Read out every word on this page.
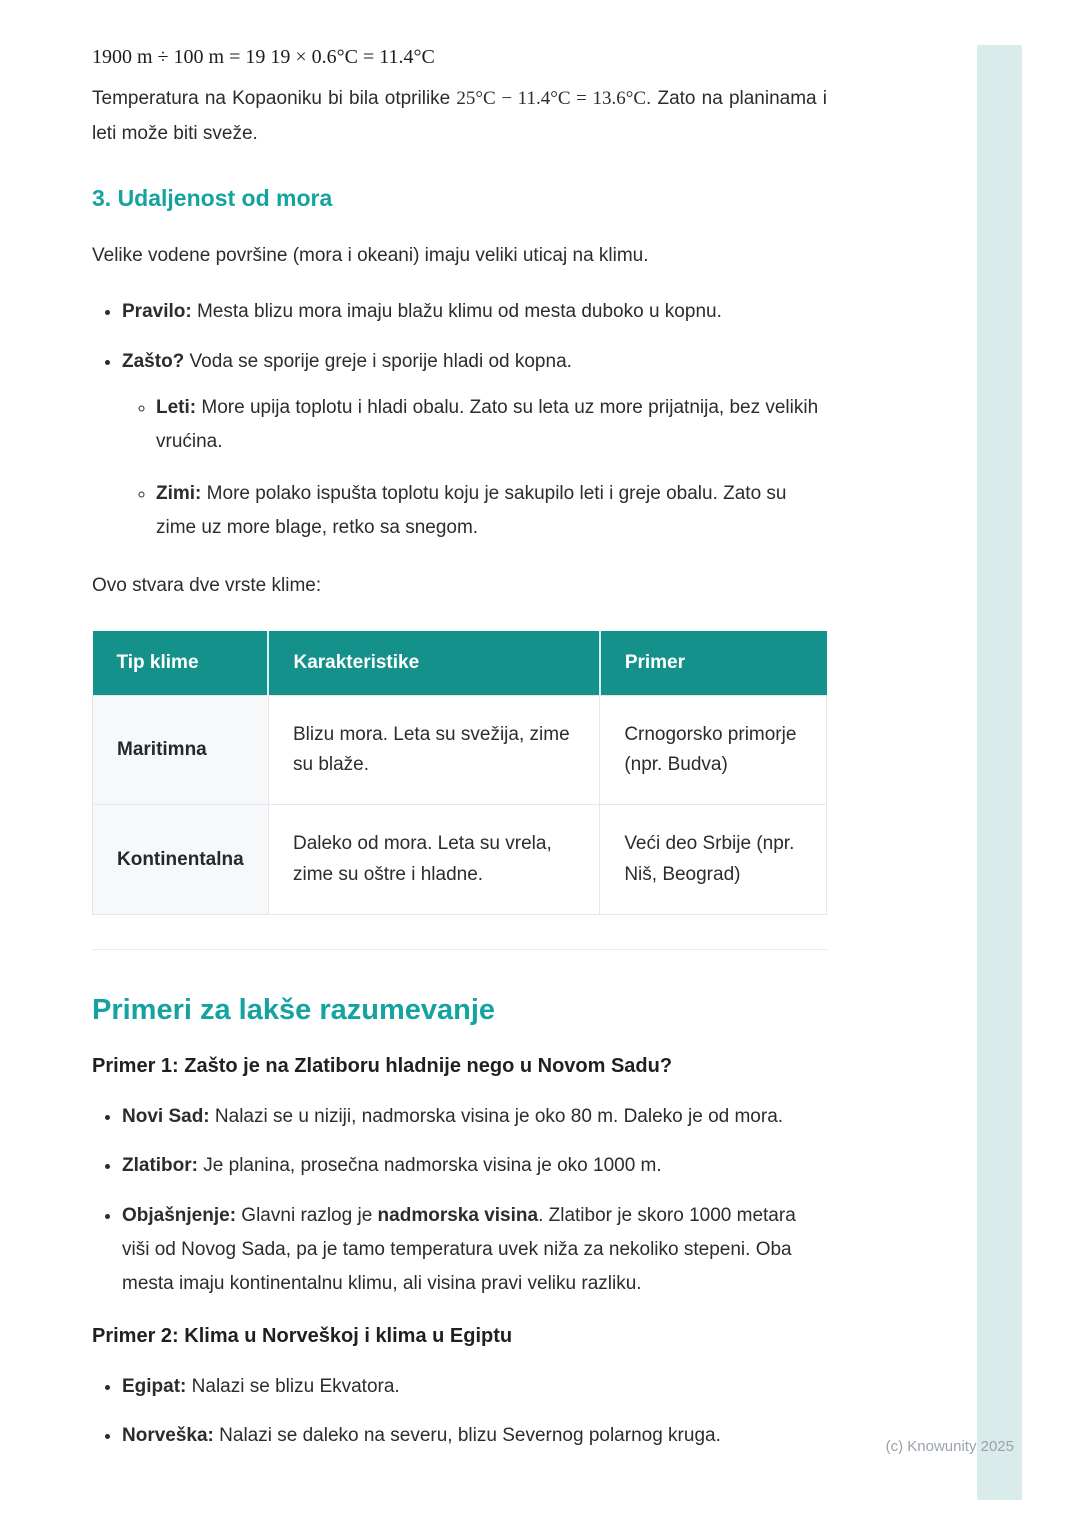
1900 m ÷ 100 m = 19 19 × 0.6°C = 11.4°C

Temperatura na Kopaoniku bi bila otprilike 25°C − 11.4°C = 13.6°C. Zato na planinama i leti može biti sveže.

3. Udaljenost od mora

Velike vodene površine (mora i okeani) imaju veliki uticaj na klimu.

• Pravilo: Mesta blizu mora imaju blažu klimu od mesta duboko u kopnu.
• Zašto? Voda se sporije greje i sporije hladi od kopna.
◦ Leti: More upija toplotu i hladi obalu. Zato su leta uz more prijatnija, bez velikih vrućina.
◦ Zimi: More polako ispušta toplotu koju je sakupilo leti i greje obalu. Zato su zime uz more blage, retko sa snegom.

Ovo stvara dve vrste klime:

Tip klime	Karakteristike	Primer
Maritimna	Blizu mora. Leta su svežija, zime su blaže.	Crnogorsko primorje (npr. Budva)
Kontinentalna	Daleko od mora. Leta su vrela, zime su oštre i hladne.	Veći deo Srbije (npr. Niš, Beograd)
Primeri za lakše razumevanje
Primer 1: Zašto je na Zlatiboru hladnije nego u Novom Sadu?
• Novi Sad: Nalazi se u niziji, nadmorska visina je oko 80 m. Daleko je od mora.
• Zlatibor: Je planina, prosečna nadmorska visina je oko 1000 m.
• Objašnjenje: Glavni razlog je nadmorska visina. Zlatibor je skoro 1000 metara viši od Novog Sada, pa je tamo temperatura uvek niža za nekoliko stepeni. Oba mesta imaju kontinentalnu klimu, ali visina pravi veliku razliku.
Primer 2: Klima u Norveškoj i klima u Egiptu
• Egipat: Nalazi se blizu Ekvatora.
• Norveška: Nalazi se daleko na severu, blizu Severnog polarnog kruga.
(c) Knowunity 2025
